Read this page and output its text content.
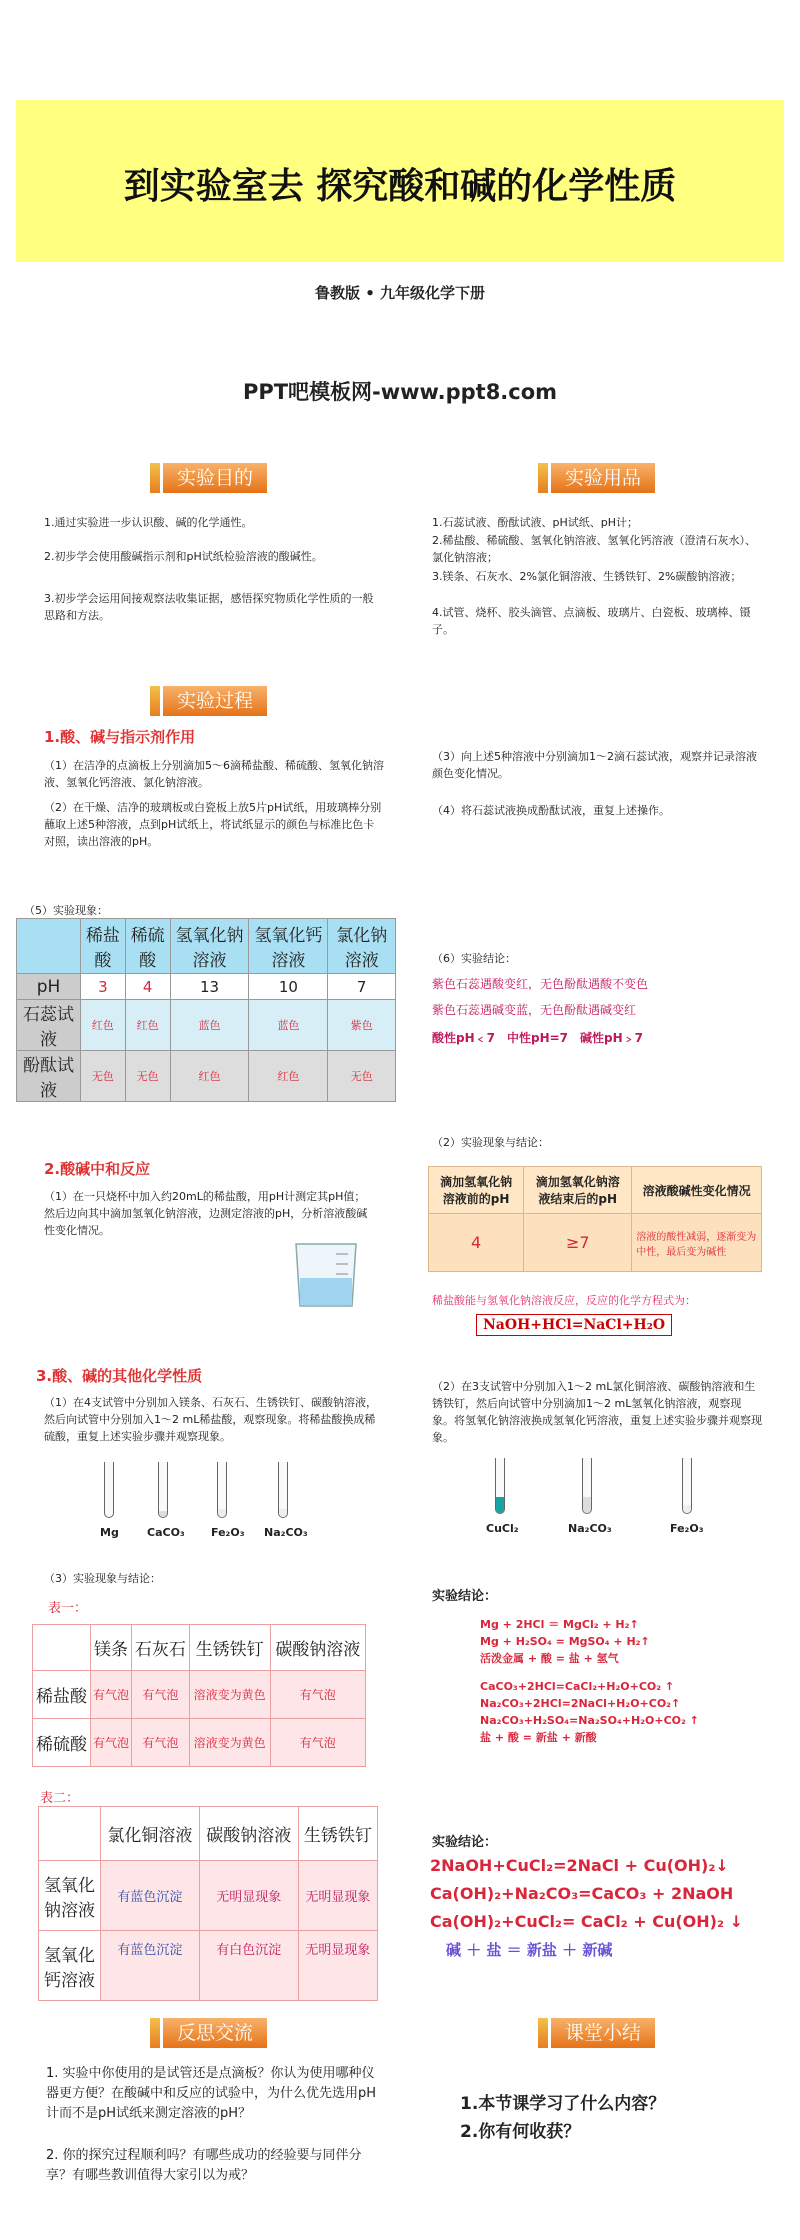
到实验室去 探究酸和碱的化学性质
鲁教版 • 九年级化学下册
PPT吧模板网-www.ppt8.com
实验目的	实验用品
1.通过实验进一步认识酸、碱的化学通性。
2.初步学会使用酸碱指示剂和pH试纸检验溶液的酸碱性。
3.初步学会运用间接观察法收集证据，感悟探究物质化学性质的一般思路和方法。
1.石蕊试液、酚酞试液、pH试纸、pH计；
2.稀盐酸、稀硫酸、氢氧化钠溶液、氢氧化钙溶液（澄清石灰水）、氯化钠溶液；
3.镁条、石灰水、2%氯化铜溶液、生锈铁钉、2%碳酸钠溶液；
4.试管、烧杯、胶头滴管、点滴板、玻璃片、白瓷板、玻璃棒、镊子。
实验过程
1.酸、碱与指示剂作用
（1）在洁净的点滴板上分别滴加5～6滴稀盐酸、稀硫酸、氢氧化钠溶液、氢氧化钙溶液、氯化钠溶液。
（2）在干燥、洁净的玻璃板或白瓷板上放5片pH试纸，用玻璃棒分别蘸取上述5种溶液，点到pH试纸上，将试纸显示的颜色与标准比色卡对照，读出溶液的pH。
（3）向上述5种溶液中分别滴加1～2滴石蕊试液，观察并记录溶液颜色变化情况。
（4）将石蕊试液换成酚酞试液，重复上述操作。
（5）实验现象：
	稀盐酸	稀硫酸	氢氧化钠溶液	氢氧化钙溶液	氯化钠溶液
pH	3	4	13	10	7
石蕊试液	红色	红色	蓝色	蓝色	紫色
酚酞试液	无色	无色	红色	红色	无色
（6）实验结论：
紫色石蕊遇酸变红，无色酚酞遇酸不变色
紫色石蕊遇碱变蓝，无色酚酞遇碱变红
酸性pH﹤7　中性pH=7　碱性pH﹥7
2.酸碱中和反应
（1）在一只烧杯中加入约20mL的稀盐酸，用pH计测定其pH值；然后边向其中滴加氢氧化钠溶液，边测定溶液的pH，分析溶液酸碱性变化情况。
（2）实验现象与结论：
滴加氢氧化钠溶液前的pH	滴加氢氧化钠溶液结束后的pH	溶液酸碱性变化情况
4	≥7	溶液的酸性减弱，逐渐变为中性，最后变为碱性
稀盐酸能与氢氧化钠溶液反应，反应的化学方程式为：
NaOH+HCl=NaCl+H₂O
3.酸、碱的其他化学性质
（1）在4支试管中分别加入镁条、石灰石、生锈铁钉、碳酸钠溶液，然后向试管中分别加入1～2 mL稀盐酸，观察现象。将稀盐酸换成稀硫酸，重复上述实验步骤并观察现象。
（2）在3支试管中分别加入1～2 mL氯化铜溶液、碳酸钠溶液和生锈铁钉，然后向试管中分别滴加1～2 mL氢氧化钠溶液，观察现象。将氢氧化钠溶液换成氢氧化钙溶液，重复上述实验步骤并观察现象。
Mg	CaCO₃ Fe₂O₃ Na₂CO₃	CuCl₂	Na₂CO₃	Fe₂O₃
（3）实验现象与结论：
表一：
	镁条	石灰石	生锈铁钉	碳酸钠溶液
稀盐酸	有气泡	有气泡	溶液变为黄色	有气泡
稀硫酸	有气泡	有气泡	溶液变为黄色	有气泡
实验结论：
Mg + 2HCl ＝ MgCl₂ + H₂↑
Mg + H₂SO₄ = MgSO₄ + H₂↑
活泼金属 + 酸 = 盐 + 氢气
CaCO₃+2HCl=CaCl₂+H₂O+CO₂ ↑
Na₂CO₃+2HCl=2NaCl+H₂O+CO₂↑
Na₂CO₃+H₂SO₄=Na₂SO₄+H₂O+CO₂ ↑
盐 + 酸 = 新盐 + 新酸
表二：
	氯化铜溶液	碳酸钠溶液	生锈铁钉
氢氧化钠溶液	有蓝色沉淀	无明显现象	无明显现象
氢氧化钙溶液	有蓝色沉淀	有白色沉淀	无明显现象
实验结论：
2NaOH+CuCl₂=2NaCl + Cu(OH)₂↓
Ca(OH)₂+Na₂CO₃=CaCO₃ + 2NaOH
Ca(OH)₂+CuCl₂= CaCl₂ + Cu(OH)₂ ↓
碱 ＋ 盐 ＝ 新盐 ＋ 新碱
反思交流	课堂小结
1. 实验中你使用的是试管还是点滴板？你认为使用哪种仪器更方便？在酸碱中和反应的试验中，为什么优先选用pH计而不是pH试纸来测定溶液的pH？
2. 你的探究过程顺利吗？有哪些成功的经验要与同伴分享？有哪些教训值得大家引以为戒？
1.本节课学习了什么内容？
2.你有何收获？
